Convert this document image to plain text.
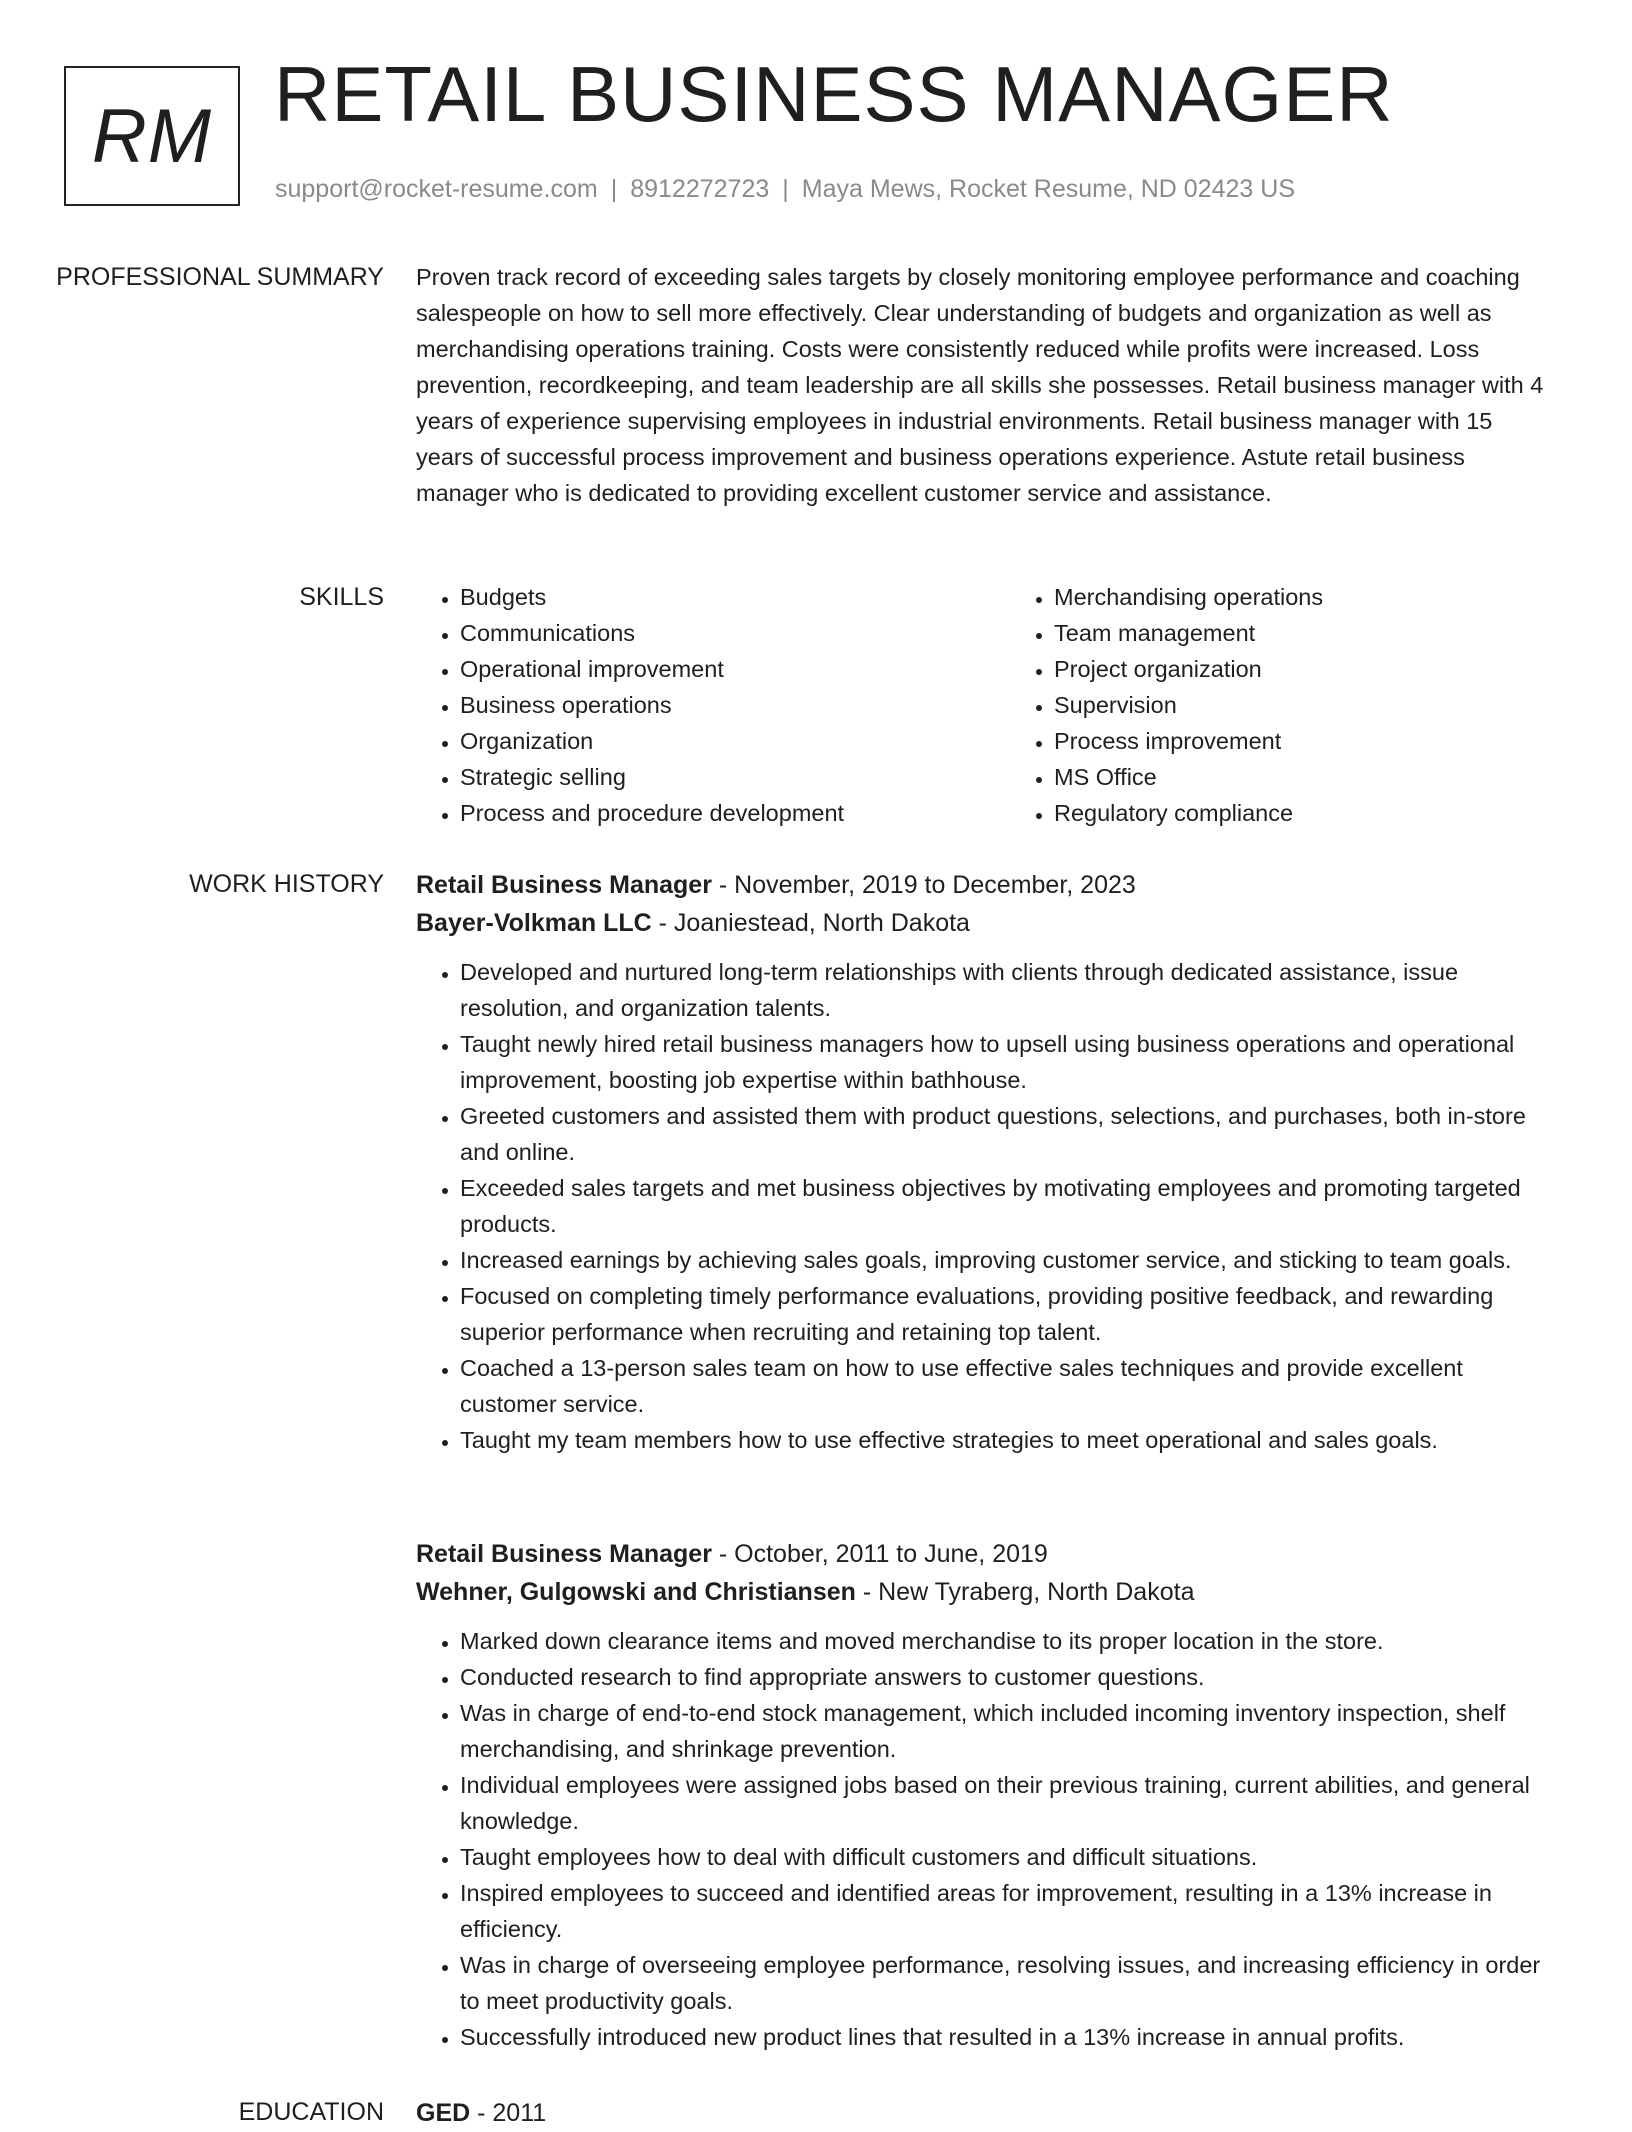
RM RETAIL BUSINESS MANAGER
support@rocket-resume.com | 8912272723 | Maya Mews, Rocket Resume, ND 02423 US
PROFESSIONAL SUMMARY	Proven track record of exceeding sales targets by closely monitoring employee performance and coaching salespeople on how to sell more effectively. Clear understanding of budgets and organization as well as merchandising operations training. Costs were consistently reduced while profits were increased. Loss prevention, recordkeeping, and team leadership are all skills she possesses. Retail business manager with 4 years of experience supervising employees in industrial environments. Retail business manager with 15 years of successful process improvement and business operations experience. Astute retail business manager who is dedicated to providing excellent customer service and assistance.
SKILLS
•	Budgets
• Communications
• Operational improvement
• Business operations
• Organization
• Strategic selling
• Process and procedure development
• Merchandising operations
• Team management
• Project organization
• Supervision
• Process improvement
• MS Office
• Regulatory compliance
WORK HISTORY	Retail Business Manager - November, 2019 to December, 2023
Bayer-Volkman LLC - Joaniestead, North Dakota
• Developed and nurtured long-term relationships with clients through dedicated assistance, issue resolution, and organization talents.
• Taught newly hired retail business managers how to upsell using business operations and operational improvement, boosting job expertise within bathhouse.
• Greeted customers and assisted them with product questions, selections, and purchases, both in-store and online.
• Exceeded sales targets and met business objectives by motivating employees and promoting targeted products.
• Increased earnings by achieving sales goals, improving customer service, and sticking to team goals.
• Focused on completing timely performance evaluations, providing positive feedback, and rewarding superior performance when recruiting and retaining top talent.
• Coached a 13-person sales team on how to use effective sales techniques and provide excellent customer service.
• Taught my team members how to use effective strategies to meet operational and sales goals.
Retail Business Manager - October, 2011 to June, 2019
Wehner, Gulgowski and Christiansen - New Tyraberg, North Dakota
• Marked down clearance items and moved merchandise to its proper location in the store.
• Conducted research to find appropriate answers to customer questions.
• Was in charge of end-to-end stock management, which included incoming inventory inspection, shelf merchandising, and shrinkage prevention.
• Individual employees were assigned jobs based on their previous training, current abilities, and general knowledge.
• Taught employees how to deal with difficult customers and difficult situations.
• Inspired employees to succeed and identified areas for improvement, resulting in a 13% increase in efficiency.
• Was in charge of overseeing employee performance, resolving issues, and increasing efficiency in order to meet productivity goals.
• Successfully introduced new product lines that resulted in a 13% increase in annual profits.
EDUCATION	GED - 2011
